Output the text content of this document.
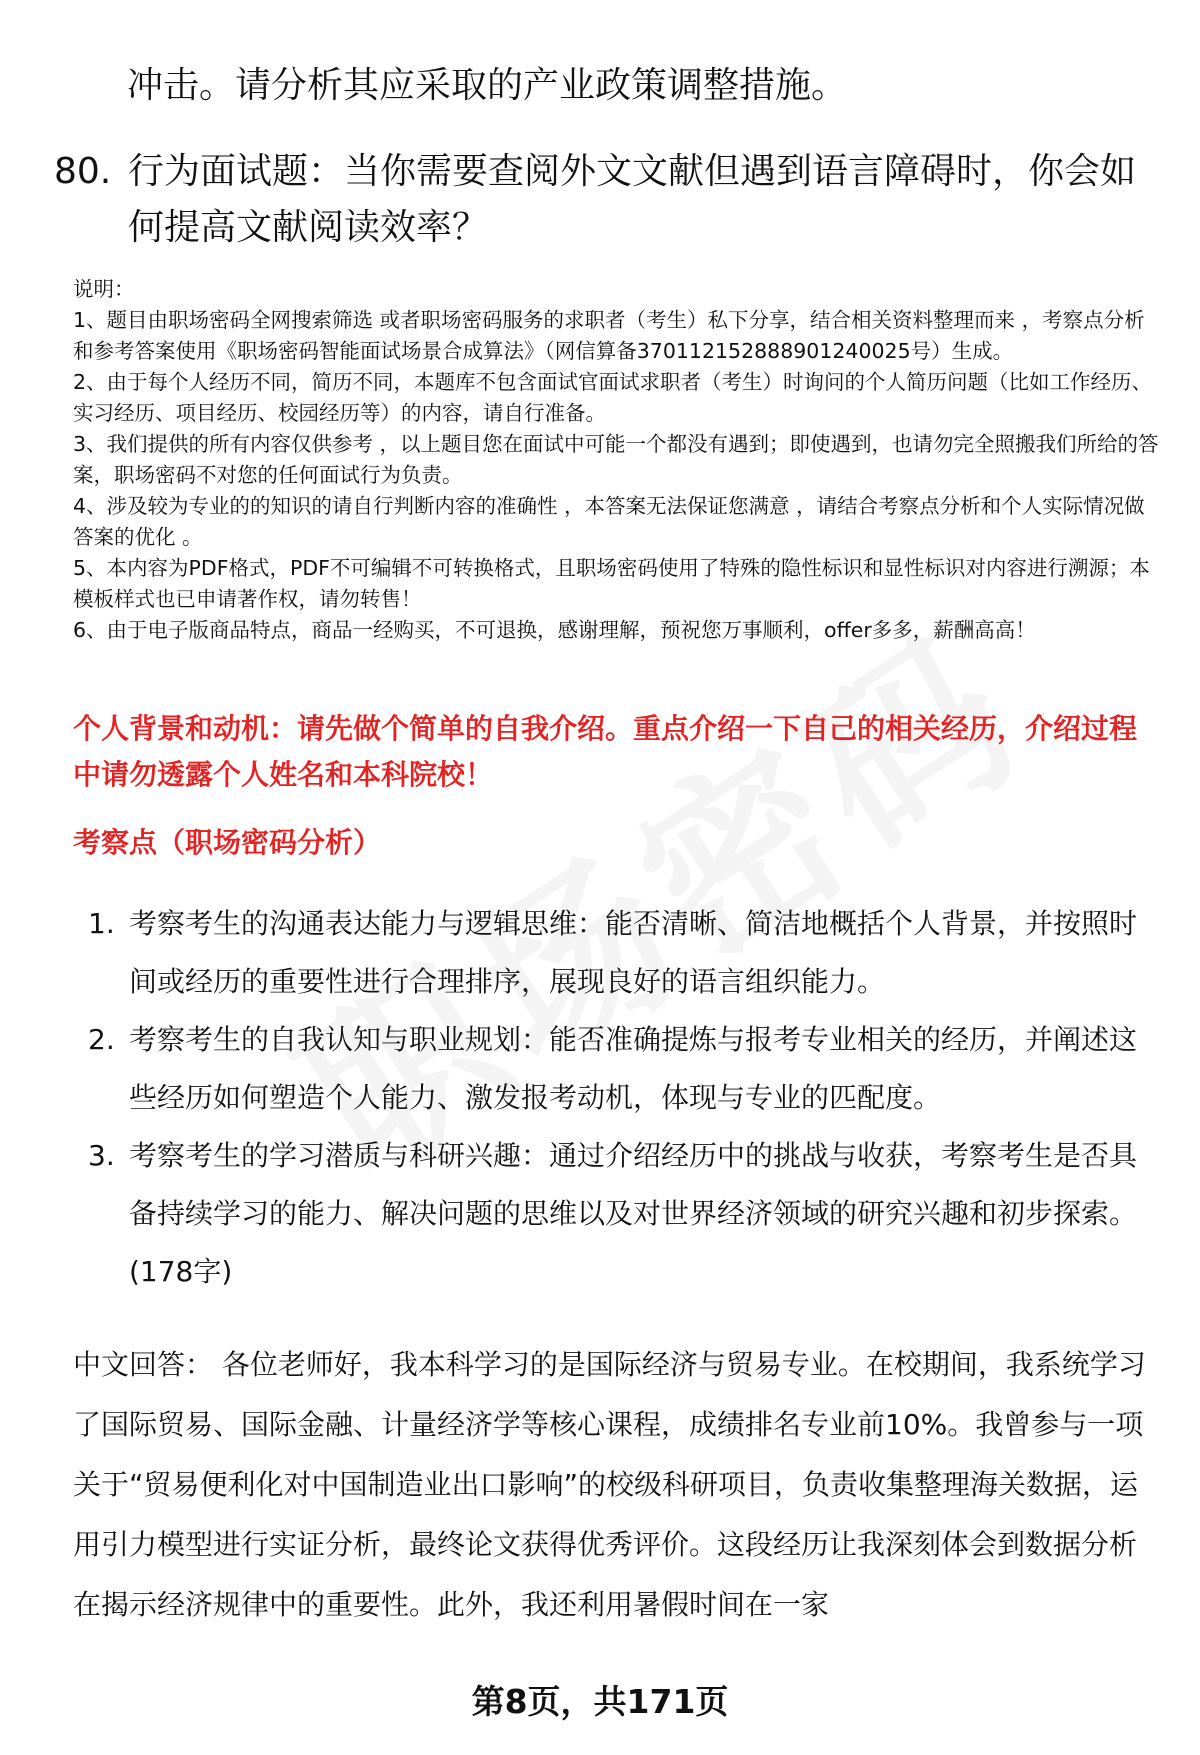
冲击。请分析其应采取的产业政策调整措施。
80. 行为面试题：当你需要查阅外文文献但遇到语言障碍时，你会如何提高文献阅读效率？
说明：
1、题目由职场密码全网搜索筛选 或者职场密码服务的求职者（考生）私下分享，结合相关资料整理而来 ，考察点分析和参考答案使用《职场密码智能面试场景合成算法》（网信算备370112152888901240025号）生成。
2、由于每个人经历不同，简历不同，本题库不包含面试官面试求职者（考生）时询问的个人简历问题（比如工作经历、实习经历、项目经历、校园经历等）的内容，请自行准备。
3、我们提供的所有内容仅供参考 ，以上题目您在面试中可能一个都没有遇到；即使遇到，也请勿完全照搬我们所给的答案，职场密码不对您的任何面试行为负责。
4、涉及较为专业的的知识的请自行判断内容的准确性 ，本答案无法保证您满意 ，请结合考察点分析和个人实际情况做答案的优化 。
5、本内容为PDF格式，PDF不可编辑不可转换格式，且职场密码使用了特殊的隐性标识和显性标识对内容进行溯源；本模板样式也已申请著作权，请勿转售！
6、由于电子版商品特点，商品一经购买，不可退换，感谢理解，预祝您万事顺利，offer多多，薪酬高高！
个人背景和动机：请先做个简单的自我介绍。重点介绍一下自己的相关经历，介绍过程中请勿透露个人姓名和本科院校！
考察点（职场密码分析）
1. 考察考生的沟通表达能力与逻辑思维：能否清晰、简洁地概括个人背景，并按照时间或经历的重要性进行合理排序，展现良好的语言组织能力。
2. 考察考生的自我认知与职业规划：能否准确提炼与报考专业相关的经历，并阐述这些经历如何塑造个人能力、激发报考动机，体现与专业的匹配度。
3. 考察考生的学习潜质与科研兴趣：通过介绍经历中的挑战与收获，考察考生是否具备持续学习的能力、解决问题的思维以及对世界经济领域的研究兴趣和初步探索。 (178字)
中文回答： 各位老师好，我本科学习的是国际经济与贸易专业。在校期间，我系统学习了国际贸易、国际金融、计量经济学等核心课程，成绩排名专业前10%。我曾参与一项关于“贸易便利化对中国制造业出口影响”的校级科研项目，负责收集整理海关数据，运用引力模型进行实证分析，最终论文获得优秀评价。这段经历让我深刻体会到数据分析在揭示经济规律中的重要性。此外，我还利用暑假时间在一家
第8页，共171页
